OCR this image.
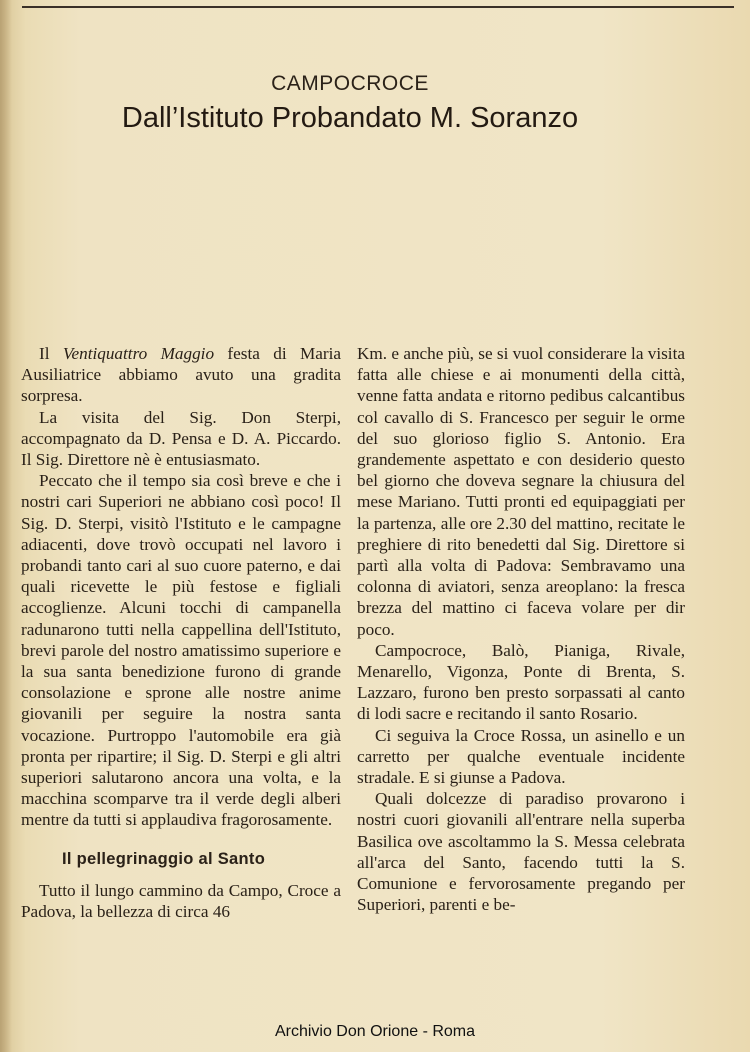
CAMPOCROCE
Dall’Istituto Probandato M. Soranzo

Il Ventiquattro Maggio festa di Maria Ausiliatrice abbiamo avuto una gradita sorpresa.

La visita del Sig. Don Sterpi, accompagnato da D. Pensa e D. A. Piccardo. Il Sig. Direttore nè è entusiasmato.

Peccato che il tempo sia così breve e che i nostri cari Superiori ne abbiano così poco! Il Sig. D. Sterpi, visitò l'Istituto e le campagne adiacenti, dove trovò occupati nel lavoro i probandi tanto cari al suo cuore paterno, e dai quali ricevette le più festose e figliali accoglienze. Alcuni tocchi di campanella radunarono tutti nella cappellina dell'Istituto, brevi parole del nostro amatissimo superiore e la sua santa benedizione furono di grande consolazione e sprone alle nostre anime giovanili per seguire la nostra santa vocazione. Purtroppo l'automobile era già pronta per ripartire; il Sig. D. Sterpi e gli altri superiori salutarono ancora una volta, e la macchina scomparve tra il verde degli alberi mentre da tutti si applaudiva fragorosamente.

Il pellegrinaggio al Santo

Tutto il lungo cammino da Campo, Croce a Padova, la bellezza di circa 46

Km. e anche più, se si vuol considerare la visita fatta alle chiese e ai monumenti della città, venne fatta andata e ritorno pedibus calcantibus col cavallo di S. Francesco per seguir le orme del suo glorioso figlio S. Antonio. Era grandemente aspettato e con desiderio questo bel giorno che doveva segnare la chiusura del mese Mariano. Tutti pronti ed equipaggiati per la partenza, alle ore 2.30 del mattino, recitate le preghiere di rito benedetti dal Sig. Direttore si partì alla volta di Padova: Sembravamo una colonna di aviatori, senza areoplano: la fresca brezza del mattino ci faceva volare per dir poco.

Campocroce, Balò, Pianiga, Rivale, Menarello, Vigonza, Ponte di Brenta, S. Lazzaro, furono ben presto sorpassati al canto di lodi sacre e recitando il santo Rosario.

Ci seguiva la Croce Rossa, un asinello e un carretto per qualche eventuale incidente stradale. E si giunse a Padova.

Quali dolcezze di paradiso provarono i nostri cuori giovanili all'entrare nella superba Basilica ove ascoltammo la S. Messa celebrata all'arca del Santo, facendo tutti la S. Comunione e fervorosamente pregando per Superiori, parenti e be-

Archivio Don Orione - Roma
